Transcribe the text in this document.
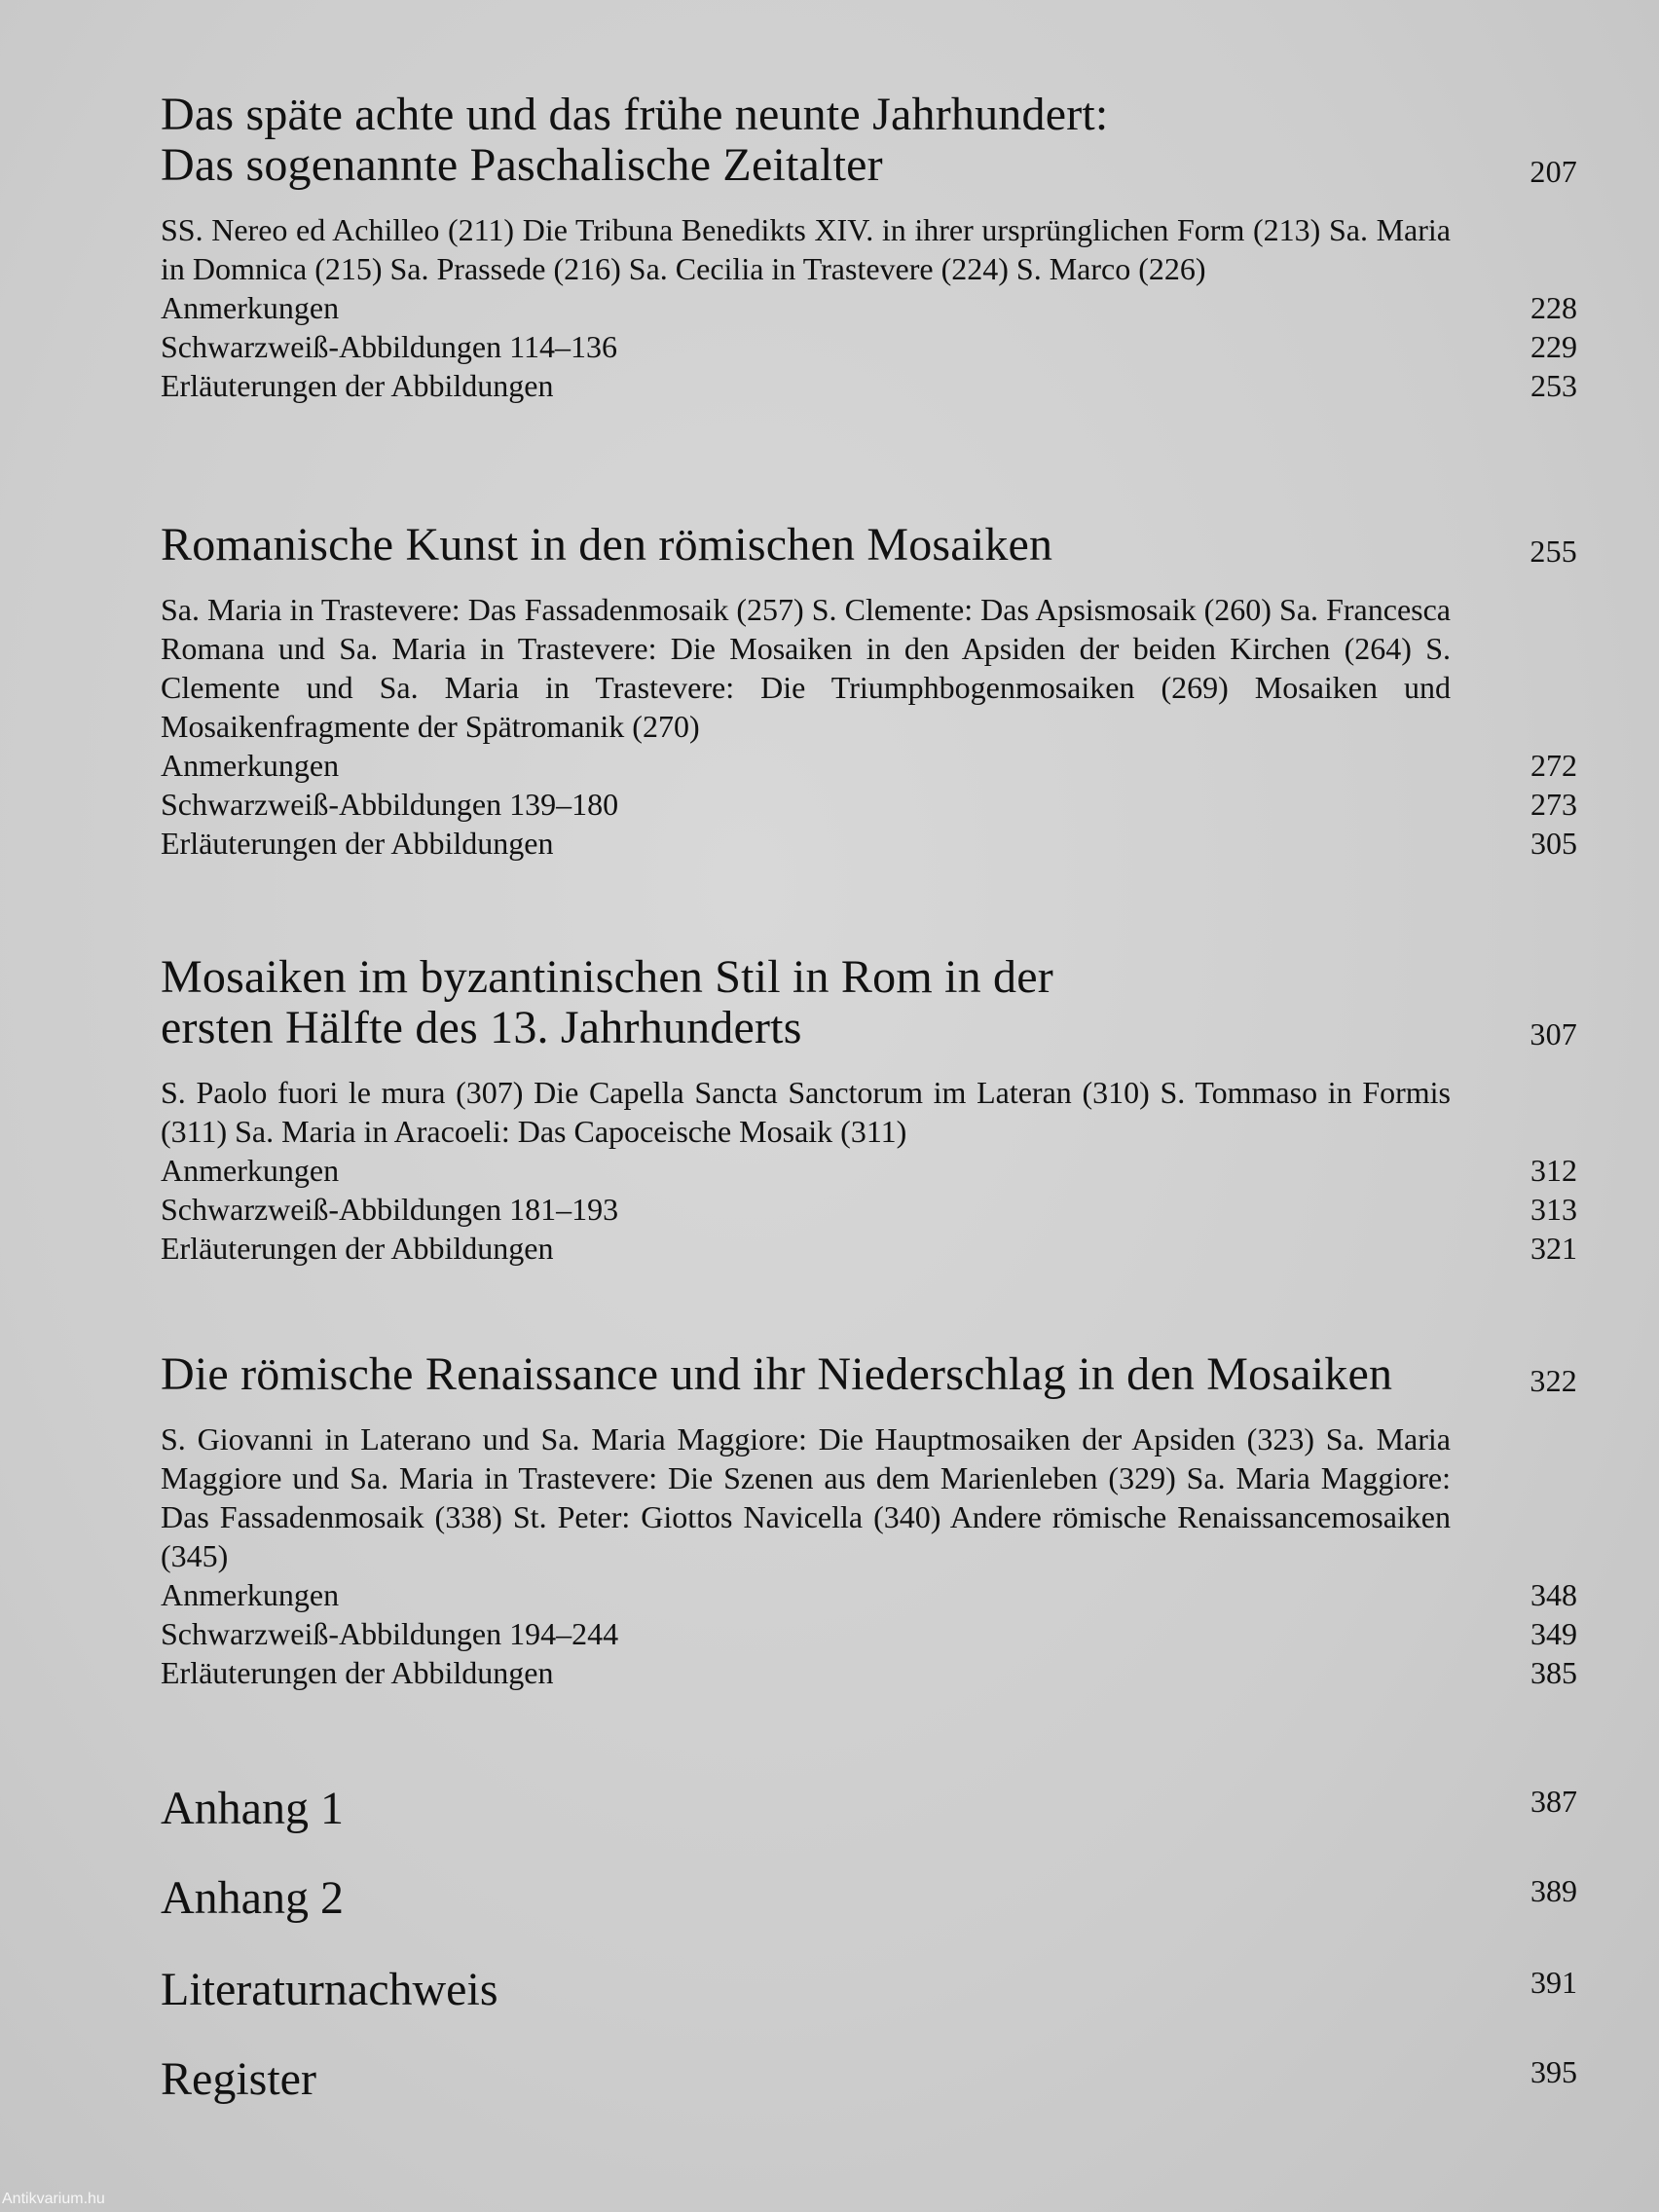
Das späte achte und das frühe neunte Jahrhundert:
Das sogenannte Paschalische Zeitalter	207
SS. Nereo ed Achilleo (211) Die Tribuna Benedikts XIV. in ihrer ursprünglichen Form (213) Sa. Maria in Domnica (215) Sa. Prassede (216) Sa. Cecilia in Trastevere (224) S. Marco (226)
Anmerkungen	228
Schwarzweiß-Abbildungen 114–136	229
Erläuterungen der Abbildungen	253
Romanische Kunst in den römischen Mosaiken	255
Sa. Maria in Trastevere: Das Fassadenmosaik (257) S. Clemente: Das Apsismosaik (260) Sa. Francesca Romana und Sa. Maria in Trastevere: Die Mosaiken in den Apsiden der beiden Kirchen (264) S. Clemente und Sa. Maria in Trastevere: Die Triumphbogenmosaiken (269) Mosaiken und Mosaikenfragmente der Spätromanik (270)
Anmerkungen	272
Schwarzweiß-Abbildungen 139–180	273
Erläuterungen der Abbildungen	305
Mosaiken im byzantinischen Stil in Rom in der
ersten Hälfte des 13. Jahrhunderts	307
S. Paolo fuori le mura (307) Die Capella Sancta Sanctorum im Lateran (310) S. Tommaso in Formis (311) Sa. Maria in Aracoeli: Das Capoceische Mosaik (311)
Anmerkungen	312
Schwarzweiß-Abbildungen 181–193	313
Erläuterungen der Abbildungen	321
Die römische Renaissance und ihr Niederschlag in den Mosaiken	322
S. Giovanni in Laterano und Sa. Maria Maggiore: Die Hauptmosaiken der Apsiden (323) Sa. Maria Maggiore und Sa. Maria in Trastevere: Die Szenen aus dem Marienleben (329) Sa. Maria Maggiore: Das Fassadenmosaik (338) St. Peter: Giottos Navicella (340) Andere römische Renaissancemosaiken (345)
Anmerkungen	348
Schwarzweiß-Abbildungen 194–244	349
Erläuterungen der Abbildungen	385
Anhang 1	387
Anhang 2	389
Literaturnachweis	391
Register	395
Antikvarium.hu
